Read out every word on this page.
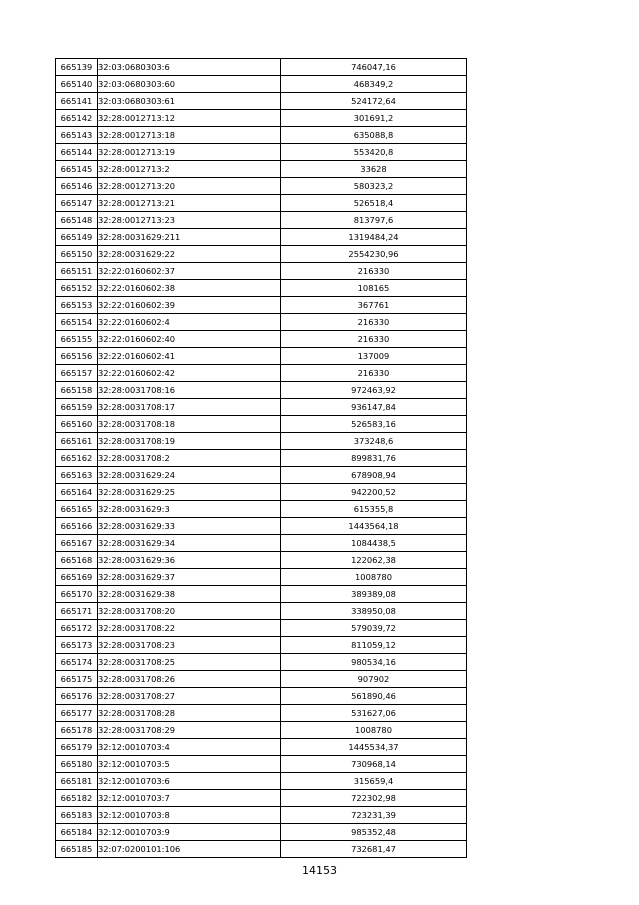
665139	32:03:0680303:6	746047,16
665140	32:03:0680303:60	468349,2
665141	32:03:0680303:61	524172,64
665142	32:28:0012713:12	301691,2
665143	32:28:0012713:18	635088,8
665144	32:28:0012713:19	553420,8
665145	32:28:0012713:2	33628
665146	32:28:0012713:20	580323,2
665147	32:28:0012713:21	526518,4
665148	32:28:0012713:23	813797,6
665149	32:28:0031629:211	1319484,24
665150	32:28:0031629:22	2554230,96
665151	32:22:0160602:37	216330
665152	32:22:0160602:38	108165
665153	32:22:0160602:39	367761
665154	32:22:0160602:4	216330
665155	32:22:0160602:40	216330
665156	32:22:0160602:41	137009
665157	32:22:0160602:42	216330
665158	32:28:0031708:16	972463,92
665159	32:28:0031708:17	936147,84
665160	32:28:0031708:18	526583,16
665161	32:28:0031708:19	373248,6
665162	32:28:0031708:2	899831,76
665163	32:28:0031629:24	678908,94
665164	32:28:0031629:25	942200,52
665165	32:28:0031629:3	615355,8
665166	32:28:0031629:33	1443564,18
665167	32:28:0031629:34	1084438,5
665168	32:28:0031629:36	122062,38
665169	32:28:0031629:37	1008780
665170	32:28:0031629:38	389389,08
665171	32:28:0031708:20	338950,08
665172	32:28:0031708:22	579039,72
665173	32:28:0031708:23	811059,12
665174	32:28:0031708:25	980534,16
665175	32:28:0031708:26	907902
665176	32:28:0031708:27	561890,46
665177	32:28:0031708:28	531627,06
665178	32:28:0031708:29	1008780
665179	32:12:0010703:4	1445534,37
665180	32:12:0010703:5	730968,14
665181	32:12:0010703:6	315659,4
665182	32:12:0010703:7	722302,98
665183	32:12:0010703:8	723231,39
665184	32:12:0010703:9	985352,48
665185	32:07:0200101:106	732681,47
14153
